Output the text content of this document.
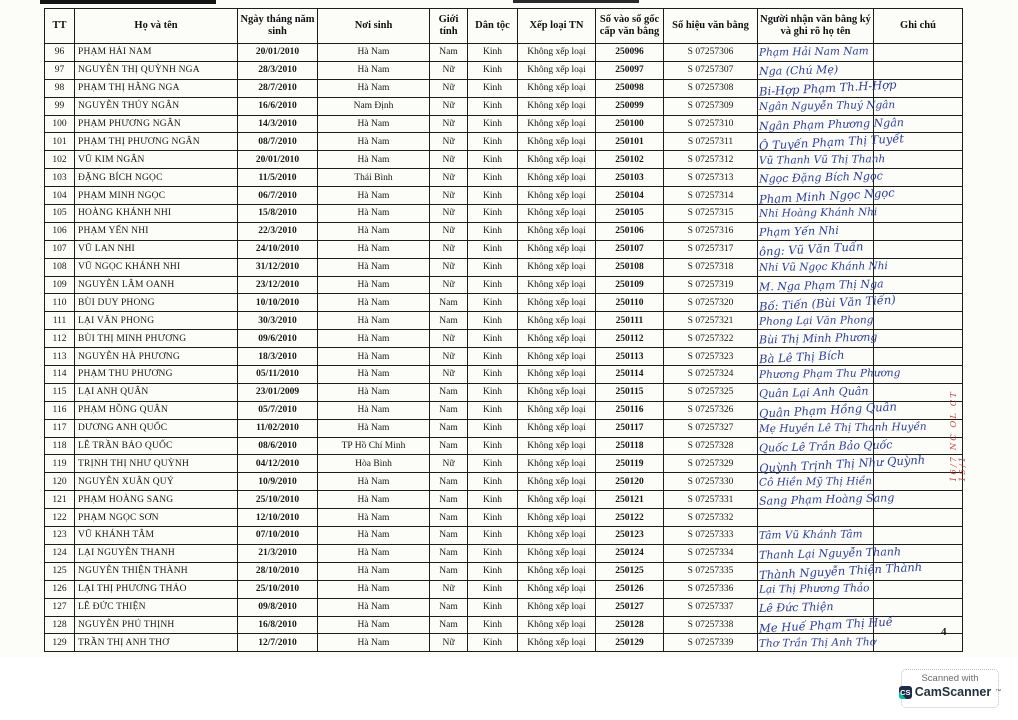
TT	Họ và tên	Ngày tháng năm sinh	Nơi sinh	Giới tính	Dân tộc	Xếp loại TN	Số vào sổ gốc cấp văn bằng	Số hiệu văn bằng	Người nhận văn bằng ký và ghi rõ họ tên	Ghi chú
96	PHẠM HẢI NAM	20/01/2010	Hà Nam	Nam	Kinh	Không xếp loại	250096	S 07257306	Phạm Hải Nam Nam	
97	NGUYỄN THỊ QUỲNH NGA	28/3/2010	Hà Nam	Nữ	Kinh	Không xếp loại	250097	S 07257307	Nga (Chú Mẹ)	
98	PHẠM THỊ HẰNG NGA	28/7/2010	Hà Nam	Nữ	Kinh	Không xếp loại	250098	S 07257308	Bi-Hợp Phạm Th.H-Hợp	
99	NGUYỄN THÚY NGÂN	16/6/2010	Nam Định	Nữ	Kinh	Không xếp loại	250099	S 07257309	Ngân Nguyễn Thuý Ngân	
100	PHẠM PHƯƠNG NGÂN	14/3/2010	Hà Nam	Nữ	Kinh	Không xếp loại	250100	S 07257310	Ngân Phạm Phương Ngân	
101	PHẠM THỊ PHƯƠNG NGÂN	08/7/2010	Hà Nam	Nữ	Kinh	Không xếp loại	250101	S 07257311	Ô Tuyến Phạm Thị Tuyết	
102	VŨ KIM NGÂN	20/01/2010	Hà Nam	Nữ	Kinh	Không xếp loại	250102	S 07257312	Vũ Thanh Vũ Thị Thanh	
103	ĐẶNG BÍCH NGỌC	11/5/2010	Thái Bình	Nữ	Kinh	Không xếp loại	250103	S 07257313	Ngọc Đặng Bích Ngọc	
104	PHẠM MINH NGỌC	06/7/2010	Hà Nam	Nữ	Kinh	Không xếp loại	250104	S 07257314	Phạm Minh Ngọc Ngọc	
105	HOÀNG KHÁNH NHI	15/8/2010	Hà Nam	Nữ	Kinh	Không xếp loại	250105	S 07257315	Nhi Hoàng Khánh Nhi	
106	PHẠM YẾN NHI	22/3/2010	Hà Nam	Nữ	Kinh	Không xếp loại	250106	S 07257316	Phạm Yến Nhi	
107	VŨ LAN NHI	24/10/2010	Hà Nam	Nữ	Kinh	Không xếp loại	250107	S 07257317	ông: Vũ Văn Tuấn	
108	VŨ NGỌC KHÁNH NHI	31/12/2010	Hà Nam	Nữ	Kinh	Không xếp loại	250108	S 07257318	Nhi Vũ Ngọc Khánh Nhi	
109	NGUYỄN LÂM OANH	23/12/2010	Hà Nam	Nữ	Kinh	Không xếp loại	250109	S 07257319	M. Nga Phạm Thị Nga	
110	BÙI DUY PHONG	10/10/2010	Hà Nam	Nam	Kinh	Không xếp loại	250110	S 07257320	Bố: Tiến (Bùi Văn Tiến)	
111	LẠI VĂN PHONG	30/3/2010	Hà Nam	Nam	Kinh	Không xếp loại	250111	S 07257321	Phong Lại Văn Phong	
112	BÙI THỊ MINH PHƯƠNG	09/6/2010	Hà Nam	Nữ	Kinh	Không xếp loại	250112	S 07257322	Bùi Thị Minh Phương	
113	NGUYỄN HÀ PHƯƠNG	18/3/2010	Hà Nam	Nữ	Kinh	Không xếp loại	250113	S 07257323	Bà Lê Thị Bích	
114	PHẠM THU PHƯƠNG	05/11/2010	Hà Nam	Nữ	Kinh	Không xếp loại	250114	S 07257324	Phương Phạm Thu Phương	
115	LẠI ANH QUÂN	23/01/2009	Hà Nam	Nam	Kinh	Không xếp loại	250115	S 07257325	Quân Lại Anh Quân	
116	PHẠM HỒNG QUÂN	05/7/2010	Hà Nam	Nam	Kinh	Không xếp loại	250116	S 07257326	Quân Phạm Hồng Quân	
117	DƯƠNG ANH QUỐC	11/02/2010	Hà Nam	Nam	Kinh	Không xếp loại	250117	S 07257327	Mẹ Huyền Lê Thị Thanh Huyền	
118	LÊ TRẦN BẢO QUỐC	08/6/2010	TP Hồ Chí Minh	Nam	Kinh	Không xếp loại	250118	S 07257328	Quốc Lê Trần Bảo Quốc	
119	TRỊNH THỊ NHƯ QUỲNH	04/12/2010	Hòa Bình	Nữ	Kinh	Không xếp loại	250119	S 07257329	Quỳnh Trịnh Thị Như Quỳnh	
120	NGUYỄN XUÂN QUÝ	10/9/2010	Hà Nam	Nam	Kinh	Không xếp loại	250120	S 07257330	Cô Hiền Mỹ Thị Hiền	
121	PHẠM HOÀNG SANG	25/10/2010	Hà Nam	Nam	Kinh	Không xếp loại	250121	S 07257331	Sang Phạm Hoàng Sang	
122	PHẠM NGỌC SƠN	12/10/2010	Hà Nam	Nam	Kinh	Không xếp loại	250122	S 07257332		
123	VŨ KHÁNH TÂM	07/10/2010	Hà Nam	Nam	Kinh	Không xếp loại	250123	S 07257333	Tâm Vũ Khánh Tâm	
124	LẠI NGUYỄN THANH	21/3/2010	Hà Nam	Nam	Kinh	Không xếp loại	250124	S 07257334	Thanh Lại Nguyễn Thanh	
125	NGUYỄN THIỆN THÀNH	28/10/2010	Hà Nam	Nam	Kinh	Không xếp loại	250125	S 07257335	Thành Nguyễn Thiện Thành	
126	LẠI THỊ PHƯƠNG THẢO	25/10/2010	Hà Nam	Nữ	Kinh	Không xếp loại	250126	S 07257336	Lại Thị Phương Thảo	
127	LÊ ĐỨC THIỆN	09/8/2010	Hà Nam	Nam	Kinh	Không xếp loại	250127	S 07257337	Lê Đức Thiện	
128	NGUYỄN PHÚ THỊNH	16/8/2010	Hà Nam	Nam	Kinh	Không xếp loại	250128	S 07257338	Mẹ Huế Phạm Thị Huế	
129	TRẦN THỊ ANH THƠ	12/7/2010	Hà Nam	Nữ	Kinh	Không xếp loại	250129	S 07257339	Thơ Trần Thị Anh Thơ	
16/7 NC OL CT 15/1
4
Scanned with
CS CamScanner ™
